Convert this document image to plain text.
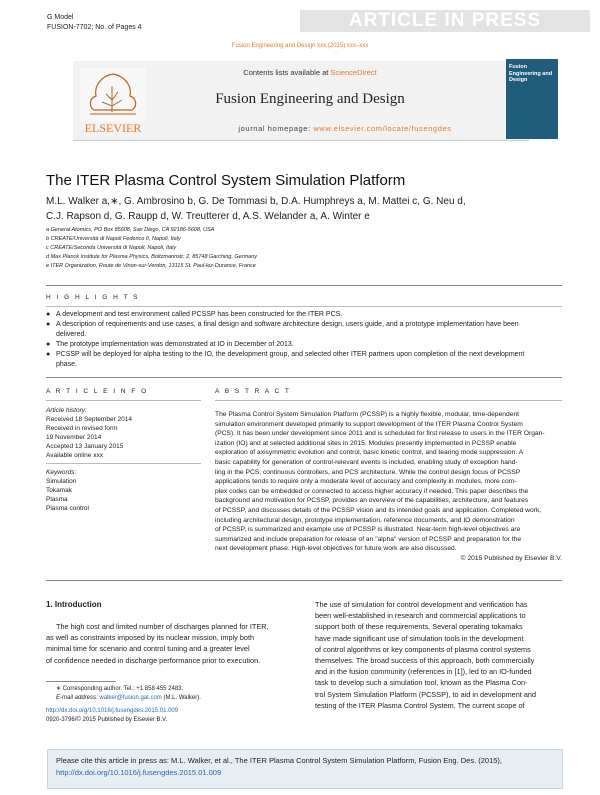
G Model
FUSION-7702; No. of Pages 4	ARTICLE IN PRESS
Fusion Engineering and Design xxx (2015) xxx–xxx
ELSEVIER
Contents lists available at ScienceDirect
Fusion Engineering and Design
journal homepage: www.elsevier.com/locate/fusengdes
Fusion Engineering and Design
The ITER Plasma Control System Simulation Platform
M.L. Walker a,∗, G. Ambrosino b, G. De Tommasi b, D.A. Humphreys a, M. Mattei c, G. Neu d,
C.J. Rapson d, G. Raupp d, W. Treutterer d, A.S. Welander a, A. Winter e
a General Atomics, PO Box 85608, San Diego, CA 92186-5608, USA
b CREATE/Università di Napoli Federico II, Napoli, Italy
c CREATE/Seconda Università di Napoli, Napoli, Italy
d Max Planck Institute for Plasma Physics, Boltzmannstr. 2, 85748 Garching, Germany
e ITER Organization, Route de Vinon-sur-Verdon, 13115 St. Paul-lez-Durance, France
H I G H L I G H T S
● A development and test environment called PCSSP has been constructed for the ITER PCS.
● A description of requirements and use cases, a final design and software architecture design, users guide, and a prototype implementation have been
delivered.
● The prototype implementation was demonstrated at IO in December of 2013.
● PCSSP will be deployed for alpha testing to the IO, the development group, and selected other ITER partners upon completion of the next development
phase.
A R T I C L E I N F O
Article history:
Received 18 September 2014
Received in revised form
19 November 2014
Accepted 13 January 2015
Available online xxx
Keywords:
Simulation
Tokamak
Plasma
Plasma control
A B S T R A C T
The Plasma Control System Simulation Platform (PCSSP) is a highly flexible, modular, time-dependent
simulation environment developed primarily to support development of the ITER Plasma Control System
(PCS). It has been under development since 2011 and is scheduled for first release to users in the ITER Organ-
ization (IO) and at selected additional sites in 2015. Modules presently implemented in PCSSP enable
exploration of axisymmetric evolution and control, basic kinetic control, and tearing mode suppression. A
basic capability for generation of control-relevant events is included, enabling study of exception hand-
ling in the PCS, continuous controllers, and PCS architecture. While the control design focus of PCSSP
applications tends to require only a moderate level of accuracy and complexity in modules, more com-
plex codes can be embedded or connected to access higher accuracy if needed. This paper describes the
background and motivation for PCSSP, provides an overview of the capabilities, architecture, and features
of PCSSP, and discusses details of the PCSSP vision and its intended goals and application. Completed work,
including architectural design, prototype implementation, reference documents, and IO demonstration
of PCSSP, is summarized and example use of PCSSP is illustrated. Near-term high-level objectives are
summarized and include preparation for release of an "alpha" version of PCSSP and preparation for the
next development phase. High-level objectives for future work are also discussed.
© 2015 Published by Elsevier B.V.
1. Introduction
The high cost and limited number of discharges planned for ITER,
as well as constraints imposed by its nuclear mission, imply both
minimal time for scenario and control tuning and a greater level
of confidence needed in discharge performance prior to execution.
The use of simulation for control development and verification has
been well-established in research and commercial applications to
support both of these requirements. Several operating tokamaks
have made significant use of simulation tools in the development
of control algorithms or key components of plasma control systems
themselves. The broad success of this approach, both commercially
and in the fusion community (references in [1]), led to an IO-funded
task to develop such a simulation tool, known as the Plasma Con-
trol System Simulation Platform (PCSSP), to aid in development and
testing of the ITER Plasma Control System. The current scope of
∗ Corresponding author. Tel.: +1 858 455 2483.
E-mail address: walker@fusion.gat.com (M.L. Walker).
http://dx.doi.org/10.1016/j.fusengdes.2015.01.009
0920-3796/© 2015 Published by Elsevier B.V.
Please cite this article in press as: M.L. Walker, et al., The ITER Plasma Control System Simulation Platform, Fusion Eng. Des. (2015),
http://dx.doi.org/10.1016/j.fusengdes.2015.01.009
